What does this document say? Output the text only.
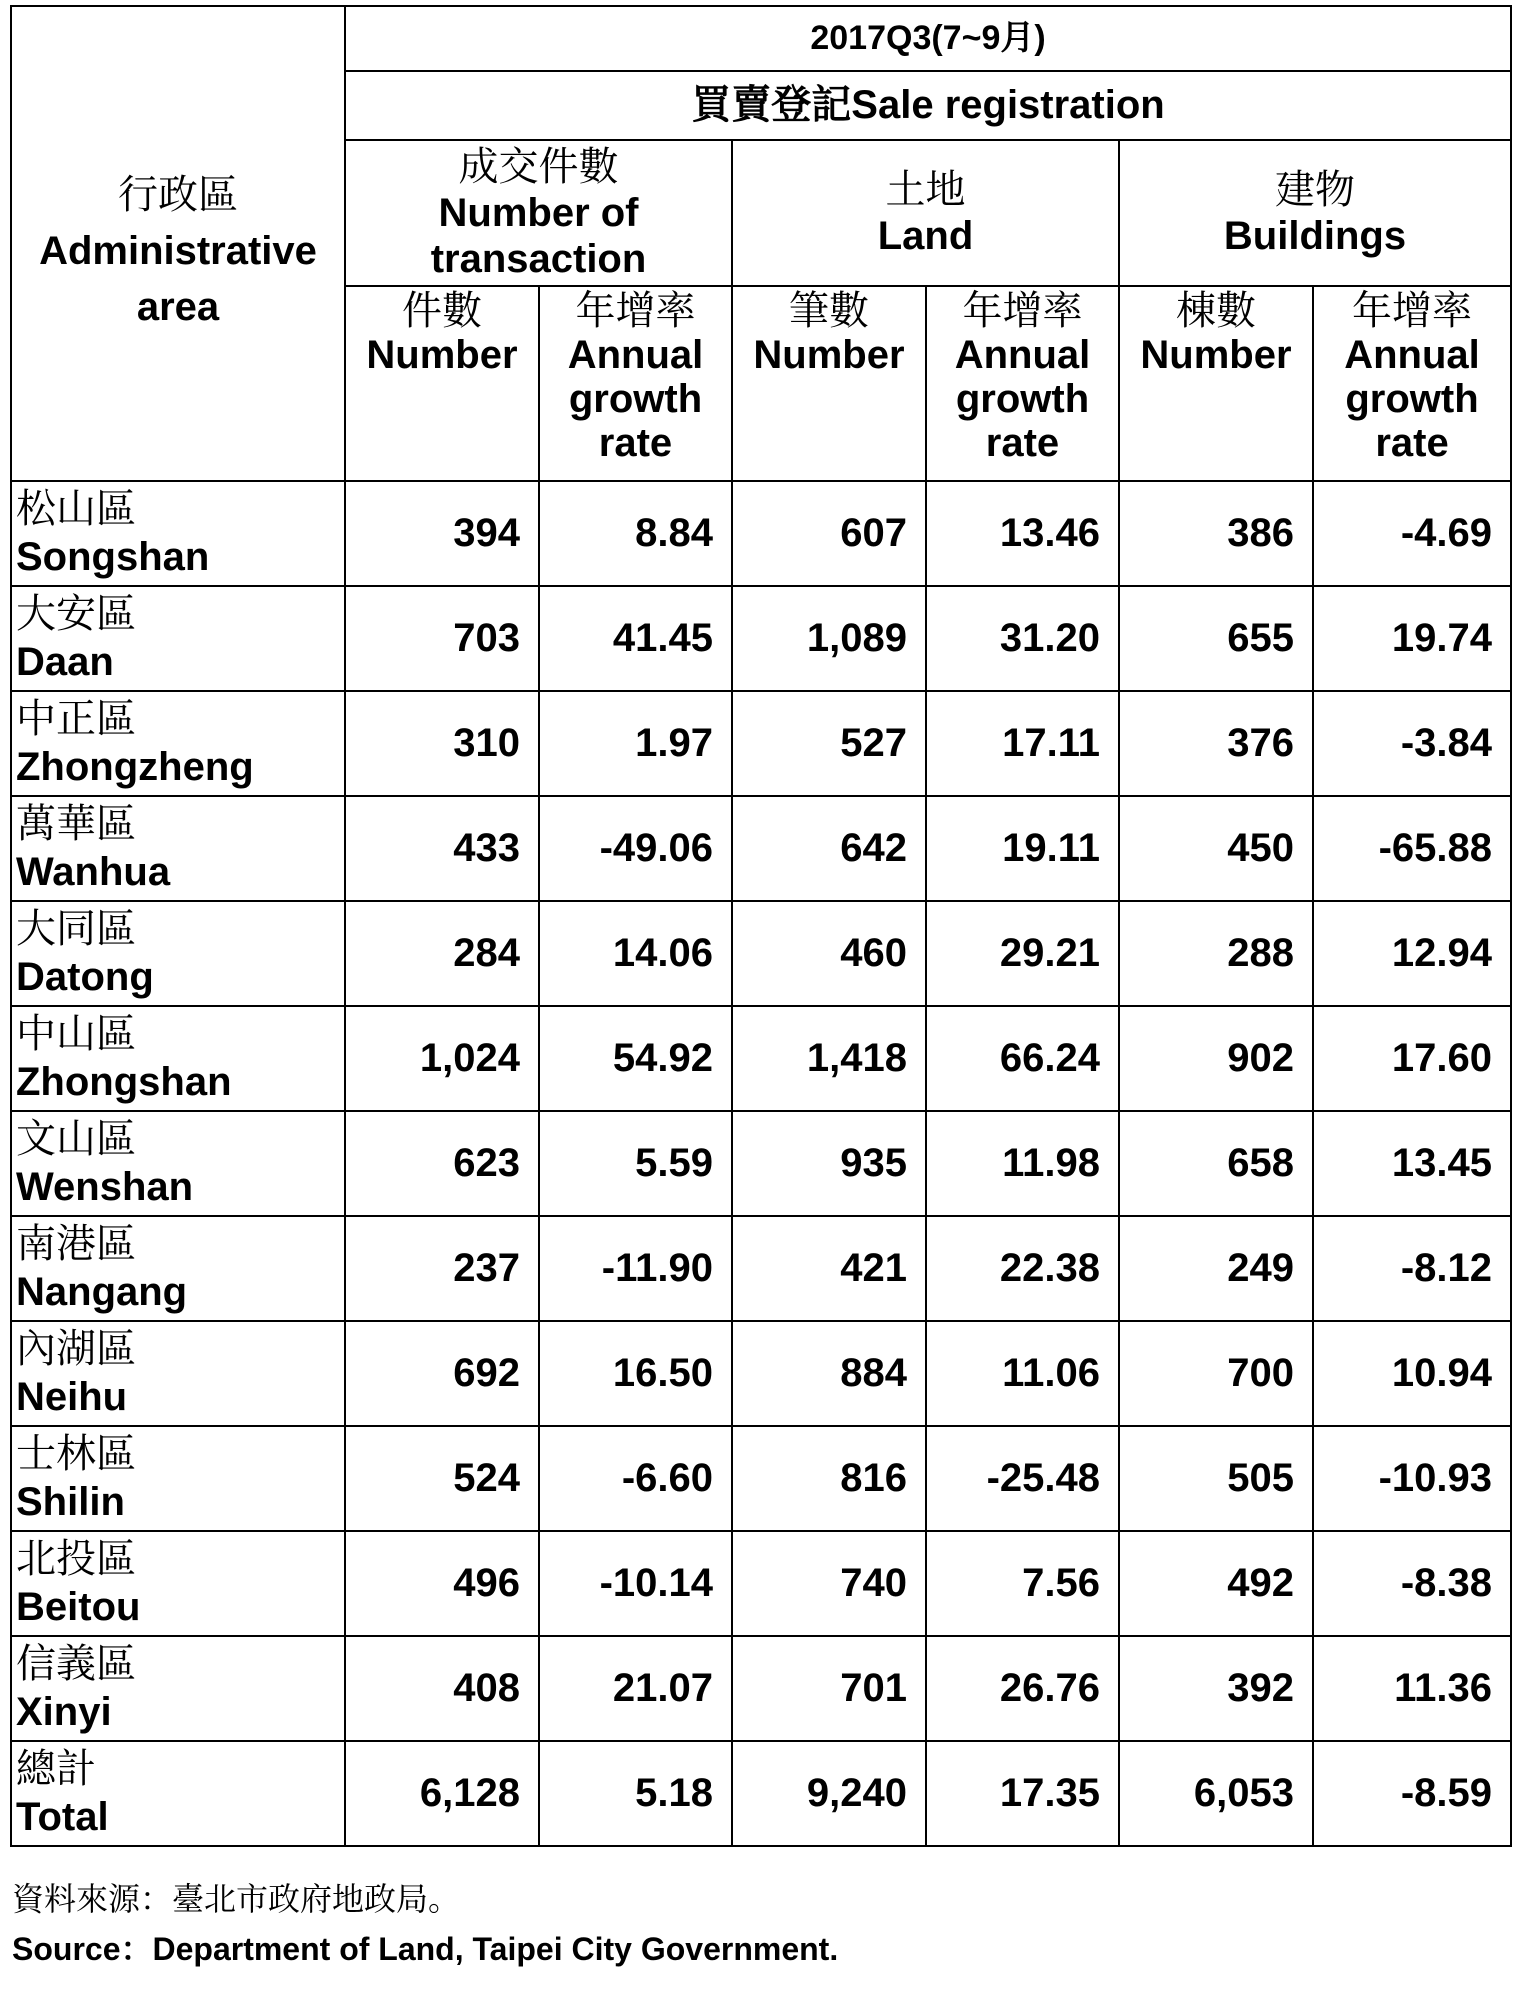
行政區
Administrative
area	2017Q3(7~9月)					
	買賣登記Sale registration					

	成交件數
Number of
transaction		土地
Land		建物
Buildings	

	件數
Number	年增率
Annual
growth
rate	筆數
Number	年增率
Annual
growth
rate	棟數
Number	年增率
Annual
growth
rate

松山區
Songshan	394	8.84	607	13.46	386	-4.69

大安區
Daan	703	41.45	1,089	31.20	655	19.74

中正區
Zhongzheng	310	1.97	527	17.11	376	-3.84

萬華區
Wanhua	433	-49.06	642	19.11	450	-65.88

大同區
Datong	284	14.06	460	29.21	288	12.94

中山區
Zhongshan	1,024	54.92	1,418	66.24	902	17.60

文山區
Wenshan	623	5.59	935	11.98	658	13.45

南港區
Nangang	237	-11.90	421	22.38	249	-8.12

內湖區
Neihu	692	16.50	884	11.06	700	10.94

士林區
Shilin	524	-6.60	816	-25.48	505	-10.93

北投區
Beitou	496	-10.14	740	7.56	492	-8.38

信義區
Xinyi	408	21.07	701	26.76	392	11.36

總計
Total	6,128	5.18	9,240	17.35	6,053	-8.59
資料來源：臺北市政府地政局。
Source：Department of Land, Taipei City Government.
